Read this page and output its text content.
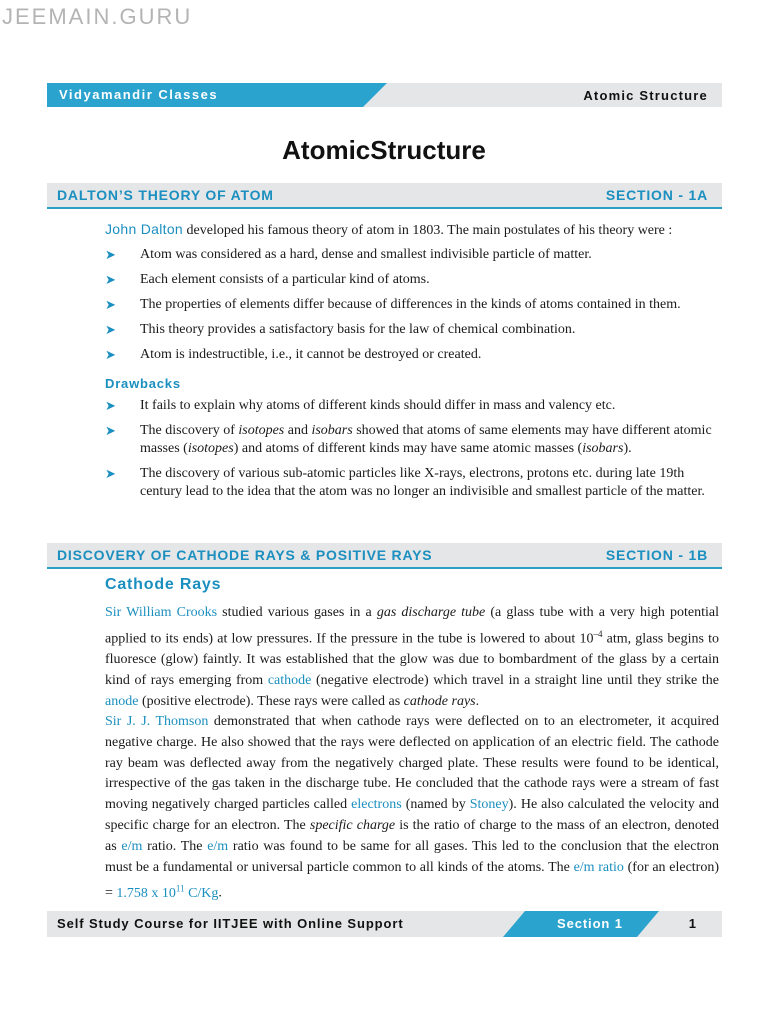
JEEMAIN.GURU
Vidyamandir Classes	Atomic Structure
AtomicStructure
DALTON’S THEORY OF ATOM	SECTION - 1A
John Dalton developed his famous theory of atom in 1803. The main postulates of his theory were :
➤ Atom was considered as a hard, dense and smallest indivisible particle of matter.
➤ Each element consists of a particular kind of atoms.
➤ The properties of elements differ because of differences in the kinds of atoms contained in them.
➤ This theory provides a satisfactory basis for the law of chemical combination.
➤ Atom is indestructible, i.e., it cannot be destroyed or created.
Drawbacks
➤ It fails to explain why atoms of different kinds should differ in mass and valency etc.
➤ The discovery of isotopes and isobars showed that atoms of same elements may have different atomic masses (isotopes) and atoms of different kinds may have same atomic masses (isobars).
➤ The discovery of various sub-atomic particles like X-rays, electrons, protons etc. during late 19th century lead to the idea that the atom was no longer an indivisible and smallest particle of the matter.
DISCOVERY OF CATHODE RAYS & POSITIVE RAYS	SECTION - 1B
Cathode Rays

Sir William Crooks studied various gases in a gas discharge tube (a glass tube with a very high potential applied to its ends) at low pressures. If the pressure in the tube is lowered to about $10^{-4}$ atm, glass begins to fluoresce (glow) faintly. It was established that the glow was due to bombardment of the glass by a certain kind of rays emerging from cathode (negative electrode) which travel in a straight line until they strike the anode (positive electrode). These rays were called as cathode rays.

Sir J. J. Thomson demonstrated that when cathode rays were deflected on to an electrometer, it acquired negative charge. He also showed that the rays were deflected on application of an electric field. The cathode ray beam was deflected away from the negatively charged plate. These results were found to be identical, irrespective of the gas taken in the discharge tube. He concluded that the cathode rays were a stream of fast moving negatively charged particles called electrons (named by Stoney). He also calculated the velocity and specific charge for an electron. The specific charge is the ratio of charge to the mass of an electron, denoted as e/m ratio. The e/m ratio was found to be same for all gases. This led to the conclusion that the electron must be a fundamental or universal particle common to all kinds of the atoms. The e/m ratio (for an electron) = 1.758 x $10^{11}$ C/Kg.

Self Study Course for IITJEE with Online Support	Section 1	1
